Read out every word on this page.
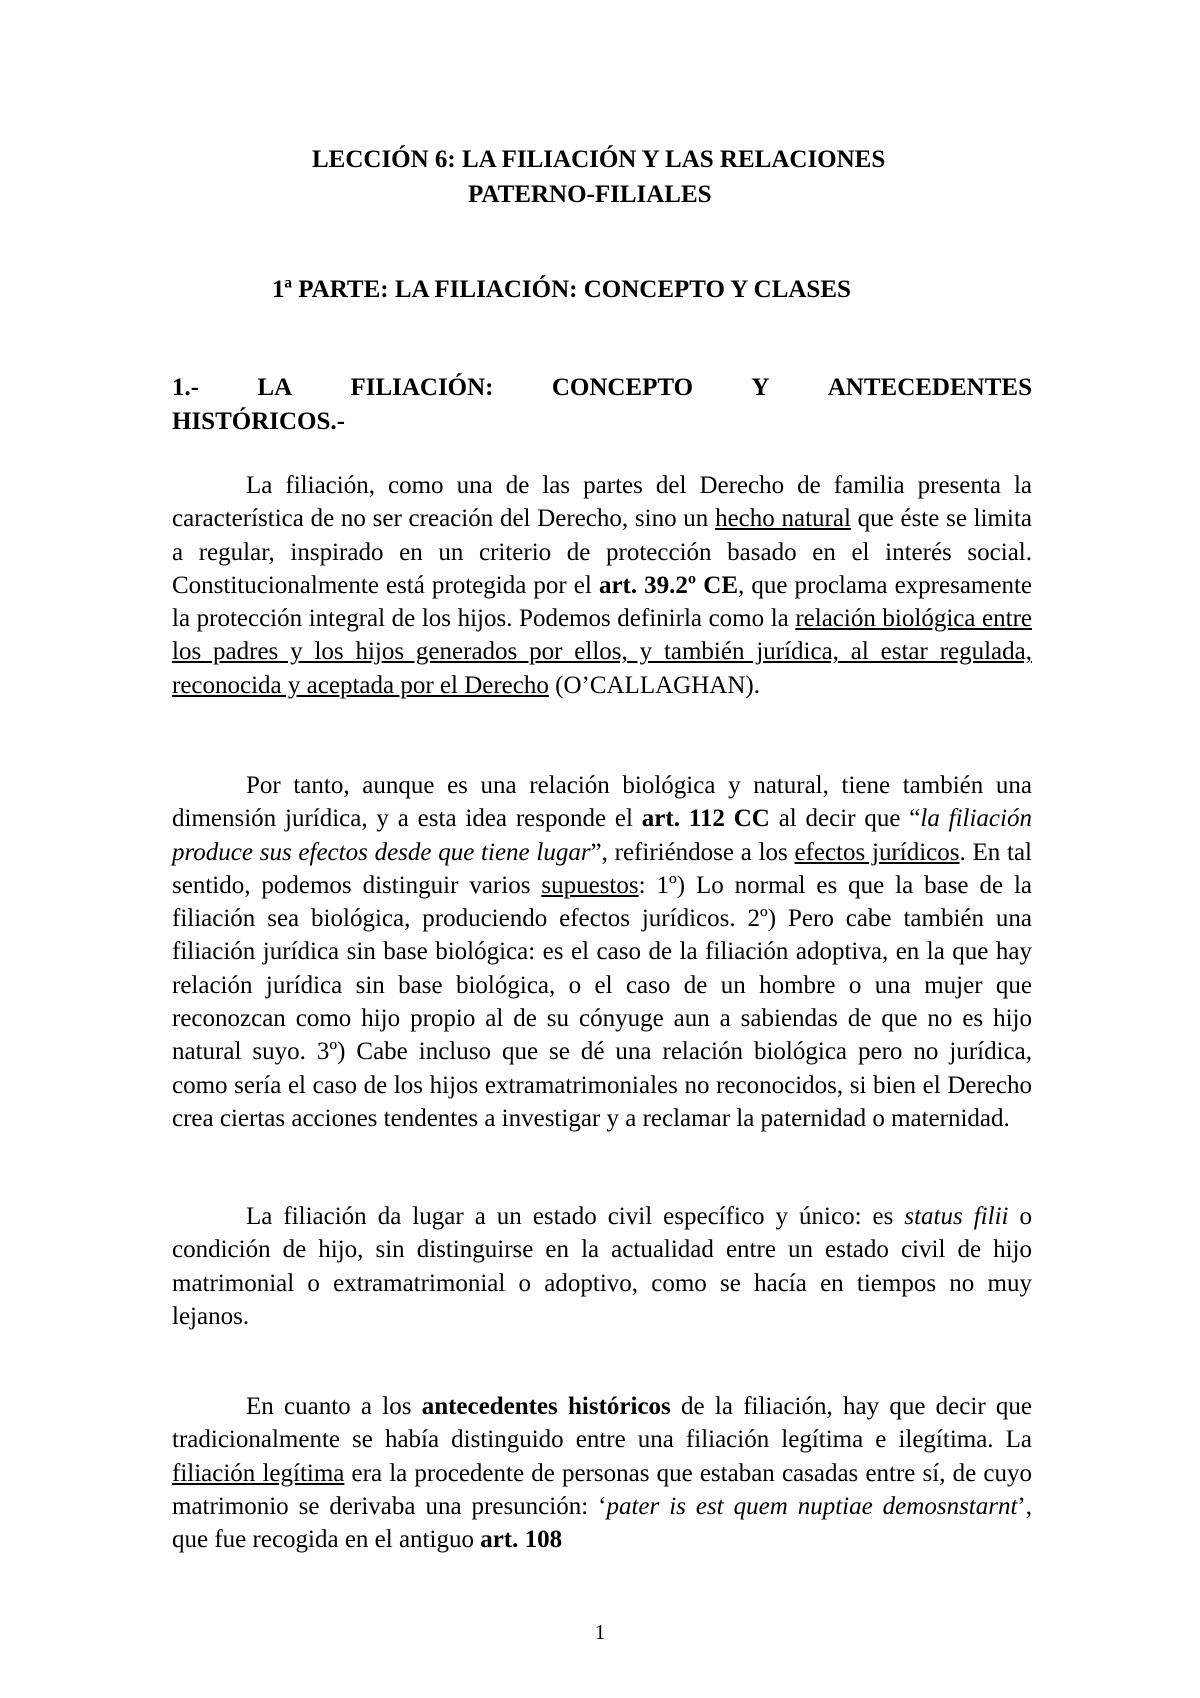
LECCIÓN 6: LA FILIACIÓN Y LAS RELACIONES
PATERNO-FILIALES
1ª PARTE: LA FILIACIÓN: CONCEPTO Y CLASES
1.- LA FILIACIÓN: CONCEPTO Y ANTECEDENTES
HISTÓRICOS.-

La filiación, como una de las partes del Derecho de familia presenta la característica de no ser creación del Derecho, sino un hecho natural que éste se limita a regular, inspirado en un criterio de protección basado en el interés social. Constitucionalmente está protegida por el art. 39.2º CE, que proclama expresamente la protección integral de los hijos. Podemos definirla como la relación biológica entre los padres y los hijos generados por ellos, y también jurídica, al estar regulada, reconocida y aceptada por el Derecho (O’CALLAGHAN).

Por tanto, aunque es una relación biológica y natural, tiene también una dimensión jurídica, y a esta idea responde el art. 112 CC al decir que “la filiación produce sus efectos desde que tiene lugar”, refiriéndose a los efectos jurídicos. En tal sentido, podemos distinguir varios supuestos: 1º) Lo normal es que la base de la filiación sea biológica, produciendo efectos jurídicos. 2º) Pero cabe también una filiación jurídica sin base biológica: es el caso de la filiación adoptiva, en la que hay relación jurídica sin base biológica, o el caso de un hombre o una mujer que reconozcan como hijo propio al de su cónyuge aun a sabiendas de que no es hijo natural suyo. 3º) Cabe incluso que se dé una relación biológica pero no jurídica, como sería el caso de los hijos extramatrimoniales no reconocidos, si bien el Derecho crea ciertas acciones tendentes a investigar y a reclamar la paternidad o maternidad.

La filiación da lugar a un estado civil específico y único: es status filii o condición de hijo, sin distinguirse en la actualidad entre un estado civil de hijo matrimonial o extramatrimonial o adoptivo, como se hacía en tiempos no muy lejanos.

En cuanto a los antecedentes históricos de la filiación, hay que decir que tradicionalmente se había distinguido entre una filiación legítima e ilegítima. La filiación legítima era la procedente de personas que estaban casadas entre sí, de cuyo matrimonio se derivaba una presunción: ‘pater is est quem nuptiae demosnstarnt’, que fue recogida en el antiguo art. 108

1
